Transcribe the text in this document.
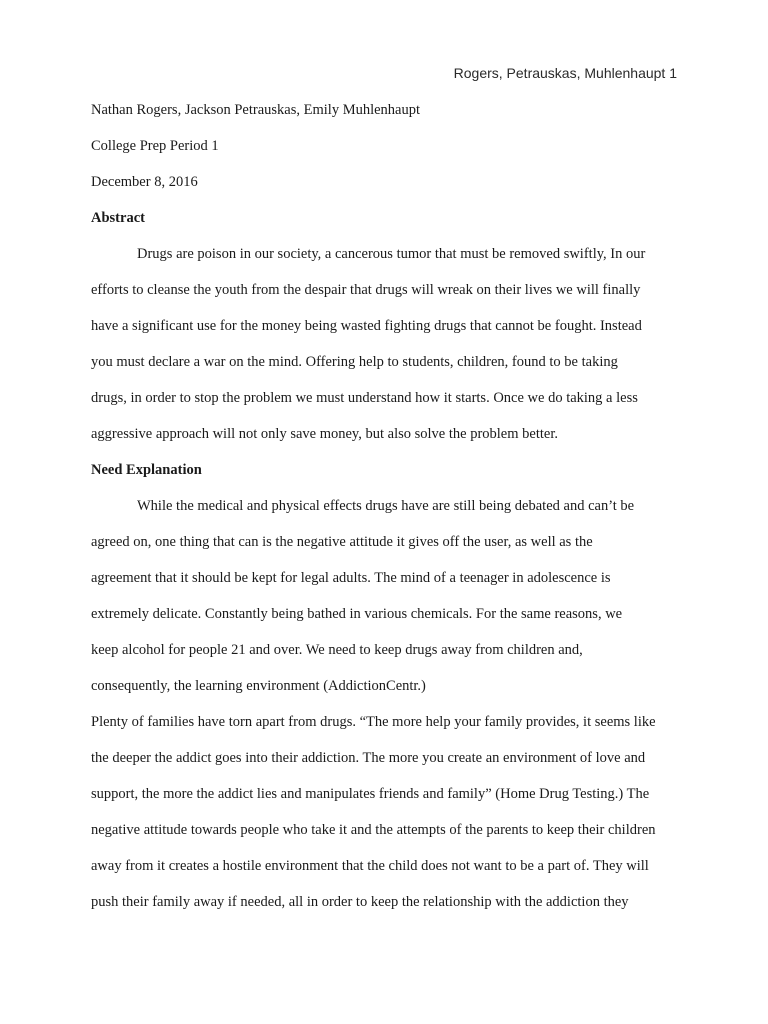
Rogers, Petrauskas, Muhlenhaupt 1
Nathan Rogers, Jackson Petrauskas, Emily Muhlenhaupt
College Prep Period 1
December 8, 2016
Abstract
Drugs are poison in our society, a cancerous tumor that must be removed swiftly, In our
efforts to cleanse the youth from the despair that drugs will wreak on their lives we will finally
have a significant use for the money being wasted fighting drugs that cannot be fought. Instead
you must declare a war on the mind. Offering help to students, children, found to be taking
drugs, in order to stop the problem we must understand how it starts. Once we do taking a less
aggressive approach will not only save money, but also solve the problem better.
Need Explanation
While the medical and physical effects drugs have are still being debated and can’t be
agreed on, one thing that can is the negative attitude it gives off the user, as well as the
agreement that it should be kept for legal adults. The mind of a teenager in adolescence is
extremely delicate. Constantly being bathed in various chemicals. For the same reasons, we
keep alcohol for people 21 and over. We need to keep drugs away from children and,
consequently, the learning environment (AddictionCentr.)
Plenty of families have torn apart from drugs. “The more help your family provides, it seems like
the deeper the addict goes into their addiction. The more you create an environment of love and
support, the more the addict lies and manipulates friends and family” (Home Drug Testing.) The
negative attitude towards people who take it and the attempts of the parents to keep their children
away from it creates a hostile environment that the child does not want to be a part of. They will
push their family away if needed, all in order to keep the relationship with the addiction they
